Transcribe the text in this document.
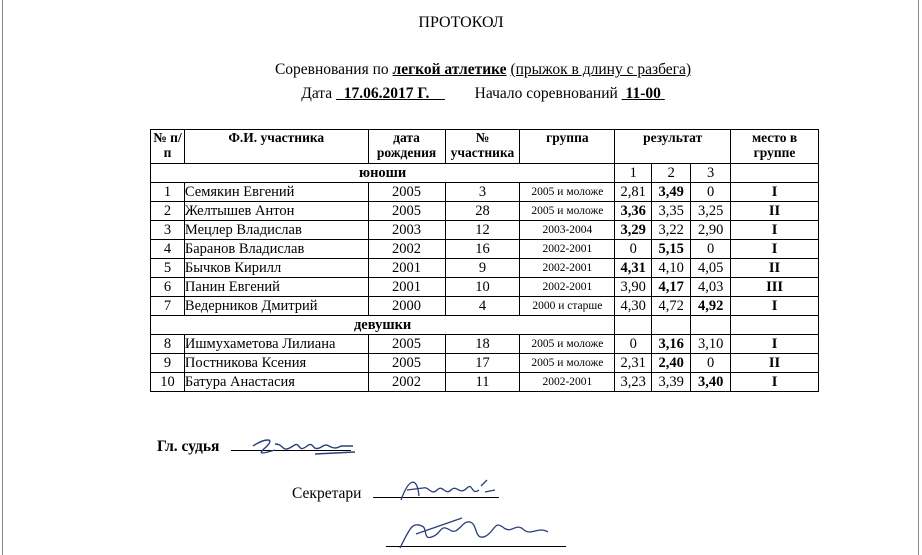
ПРОТОКОЛ
Соревнования по легкой атлетике (прыжок в длину с разбега)
Дата 17.06.2017 Г.	Начало соревнований 11-00
№ п/п	Ф.И. участника	дата рождения	№ участника	группа	результат			место в группе
юноши					1	2	3	
1	Семякин Евгений	2005	3	2005 и моложе	2,81	3,49	0	I
2	Желтышев Антон	2005	28	2005 и моложе	3,36	3,35	3,25	II
3	Мецлер Владислав	2003	12	2003-2004	3,29	3,22	2,90	I
4	Баранов Владислав	2002	16	2002-2001	0	5,15	0	I
5	Бычков Кирилл	2001	9	2002-2001	4,31	4,10	4,05	II
6	Панин Евгений	2001	10	2002-2001	3,90	4,17	4,03	III
7	Ведерников Дмитрий	2000	4	2000 и старше	4,30	4,72	4,92	I
девушки								
8	Ишмухаметова Лилиана	2005	18	2005 и моложе	0	3,16	3,10	I
9	Постникова Ксения	2005	17	2005 и моложе	2,31	2,40	0	II
10	Батура Анастасия	2002	11	2002-2001	3,23	3,39	3,40	I
Гл. судья
Секретари
